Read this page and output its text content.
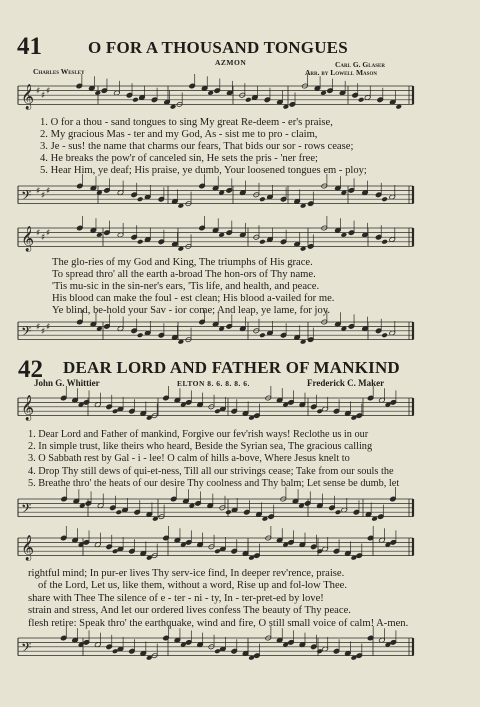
41	O FOR A THOUSAND TONGUES
AZMON
Charles Wesley
Carl G. Glaser
Arr. by Lowell Mason
𝄞 ♯ ♯ ♯
1. O for a thou - sand tongues to sing My great Re-deem - er's praise,
2. My gracious Mas - ter and my God, As - sist me to pro - claim,
3. Je - sus! the name that charms our fears, That bids our sor - rows cease;
4. He breaks the pow'r of canceled sin, He sets the pris - 'ner free;
5. Hear Him, ye deaf; His praise, ye dumb, Your loosened tongues em - ploy;
𝄢 ♯ ♯ ♯
𝄞 ♯ ♯ ♯
The glo-ries of my God and King, The triumphs of His grace.
To spread thro' all the earth a-broad The hon-ors of Thy name.
'Tis mu-sic in the sin-ner's ears, 'Tis life, and health, and peace.
His blood can make the foul - est clean; His blood a-vailed for me.
Ye blind, be-hold your Sav - ior come; And leap, ye lame, for joy.
𝄢 ♯ ♯ ♯
42 DEAR LORD AND FATHER OF MANKIND
John G. Whittier	ELTON 8. 6. 8. 8. 6.	Frederick C. Maker
𝄞
1. Dear Lord and Father of mankind, Forgive our fev'rish ways! Reclothe us in our
2. In simple trust, like theirs who heard, Beside the Syrian sea, The gracious calling
3. O Sabbath rest by Gal - i - lee! O calm of hills a-bove, Where Jesus knelt to
4. Drop Thy still dews of qui-et-ness, Till all our strivings cease; Take from our souls the
5. Breathe thro' the heats of our desire Thy coolness and Thy balm; Let sense be dumb, let
𝄢
𝄞
rightful mind; In pur-er lives Thy serv-ice find, In deeper rev'rence, praise.
of the Lord, Let us, like them, without a word, Rise up and fol-low Thee.
share with Thee The silence of e - ter - ni - ty, In - ter-pret-ed by love!
strain and stress, And let our ordered lives confess The beauty of Thy peace.
flesh retire: Speak thro' the earthquake, wind and fire, O still small voice of calm! A-men.
𝄢
